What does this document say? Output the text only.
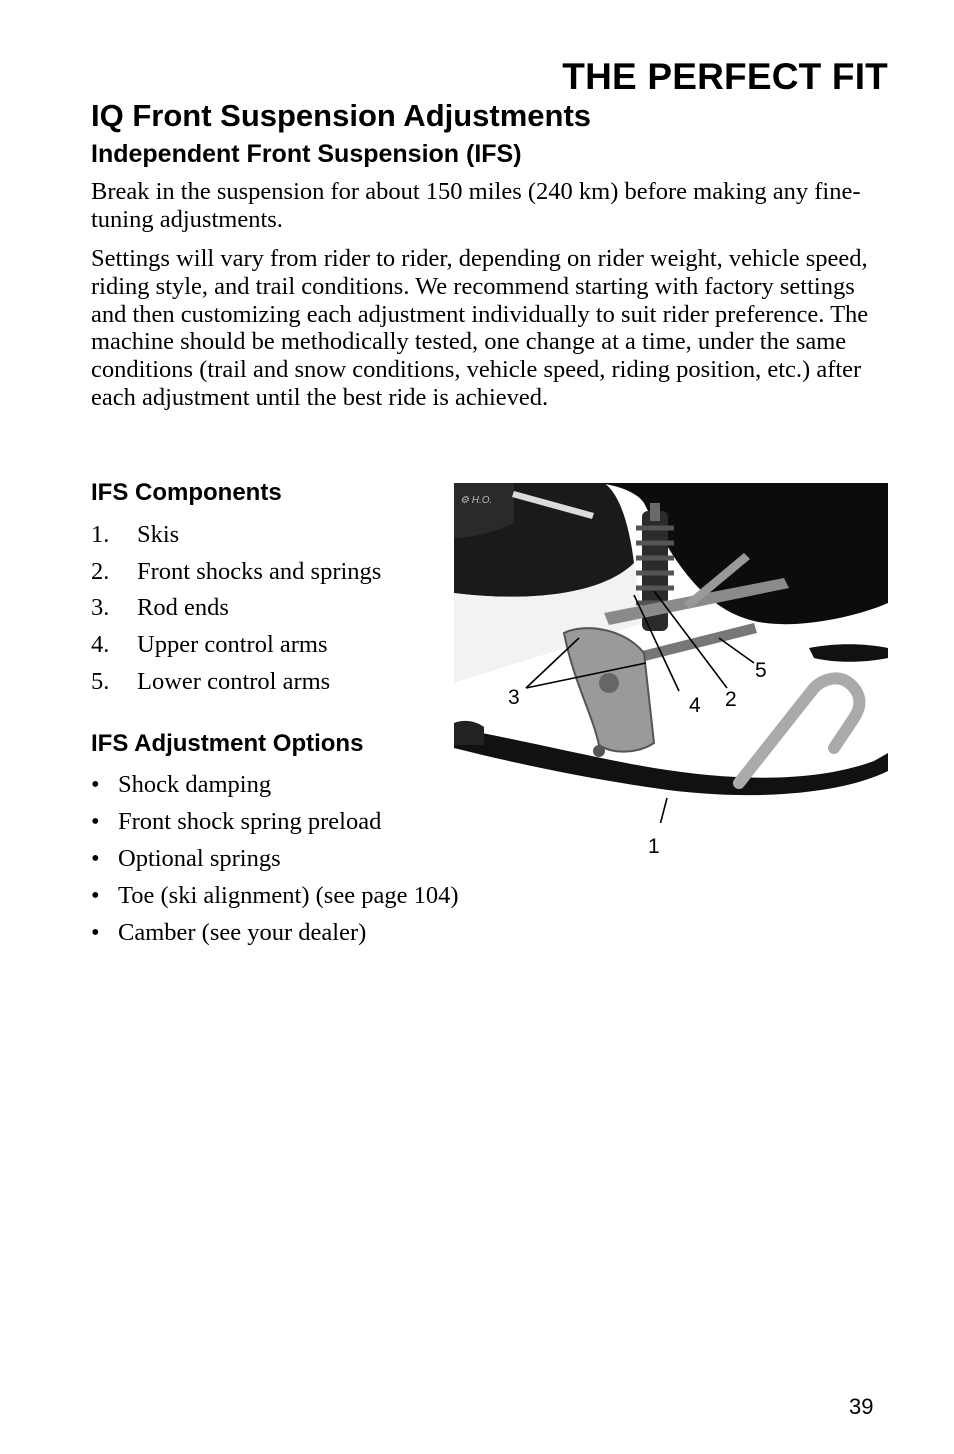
THE PERFECT FIT
IQ Front Suspension Adjustments
Independent Front Suspension (IFS)

Break in the suspension for about 150 miles (240 km) before making any fine-tuning adjustments.

Settings will vary from rider to rider, depending on rider weight, vehicle speed, riding style, and trail conditions. We recommend starting with factory settings and then customizing each adjustment individually to suit rider preference. The machine should be methodically tested, one change at a time, under the same conditions (trail and snow conditions, vehicle speed, riding position, etc.) after each adjustment until the best ride is achieved.

IFS Components
1. Skis
2. Front shocks and springs
3. Rod ends
4. Upper control arms
5. Lower control arms
IFS Adjustment Options
• Shock damping
• Front shock spring preload
• Optional springs
• Toe (ski alignment) (see page 104)
• Camber (see your dealer)
⚙ H.O.
1
2
3	4
5
39
